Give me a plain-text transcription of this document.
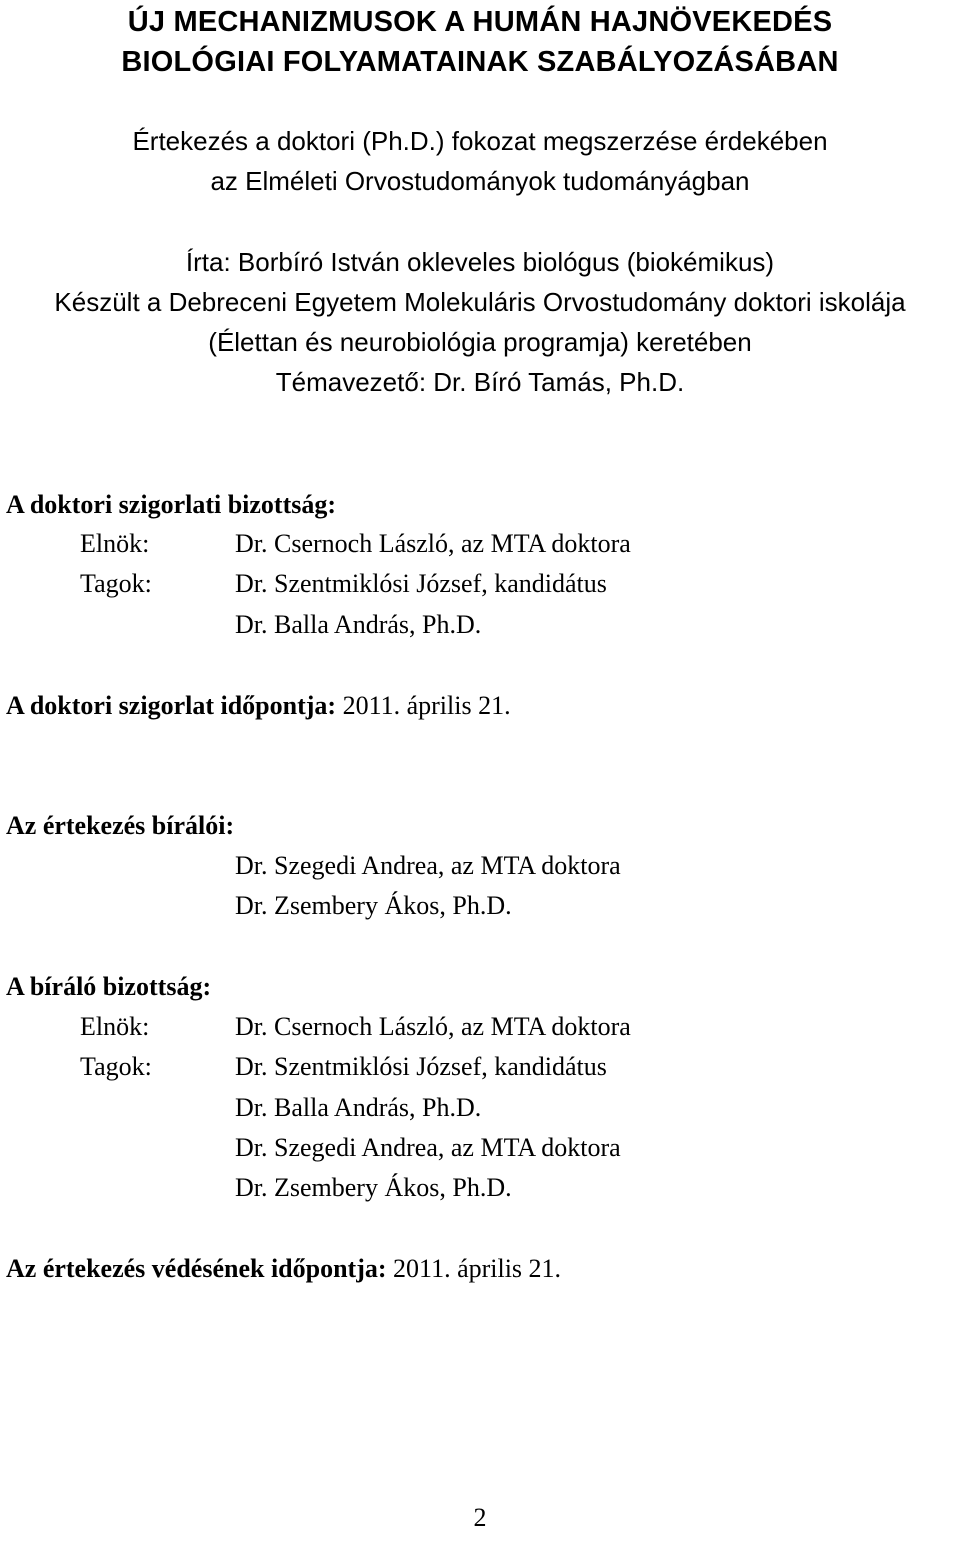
ÚJ MECHANIZMUSOK A HUMÁN HAJNÖVEKEDÉS
BIOLÓGIAI FOLYAMATAINAK SZABÁLYOZÁSÁBAN
Értekezés a doktori (Ph.D.) fokozat megszerzése érdekében
az Elméleti Orvostudományok tudományágban
Írta: Borbíró István okleveles biológus (biokémikus)
Készült a Debreceni Egyetem Molekuláris Orvostudomány doktori iskolája
(Élettan és neurobiológia programja) keretében
Témavezető: Dr. Bíró Tamás, Ph.D.
A doktori szigorlati bizottság:
Elnök:	Dr. Csernoch László, az MTA doktora
Tagok:	Dr. Szentmiklósi József, kandidátus
Dr. Balla András, Ph.D.
A doktori szigorlat időpontja: 2011. április 21.
Az értekezés bírálói:
Dr. Szegedi Andrea, az MTA doktora
Dr. Zsembery Ákos, Ph.D.
A bíráló bizottság:
Elnök:	Dr. Csernoch László, az MTA doktora
Tagok:	Dr. Szentmiklósi József, kandidátus
Dr. Balla András, Ph.D.
Dr. Szegedi Andrea, az MTA doktora
Dr. Zsembery Ákos, Ph.D.
Az értekezés védésének időpontja: 2011. április 21.
2
